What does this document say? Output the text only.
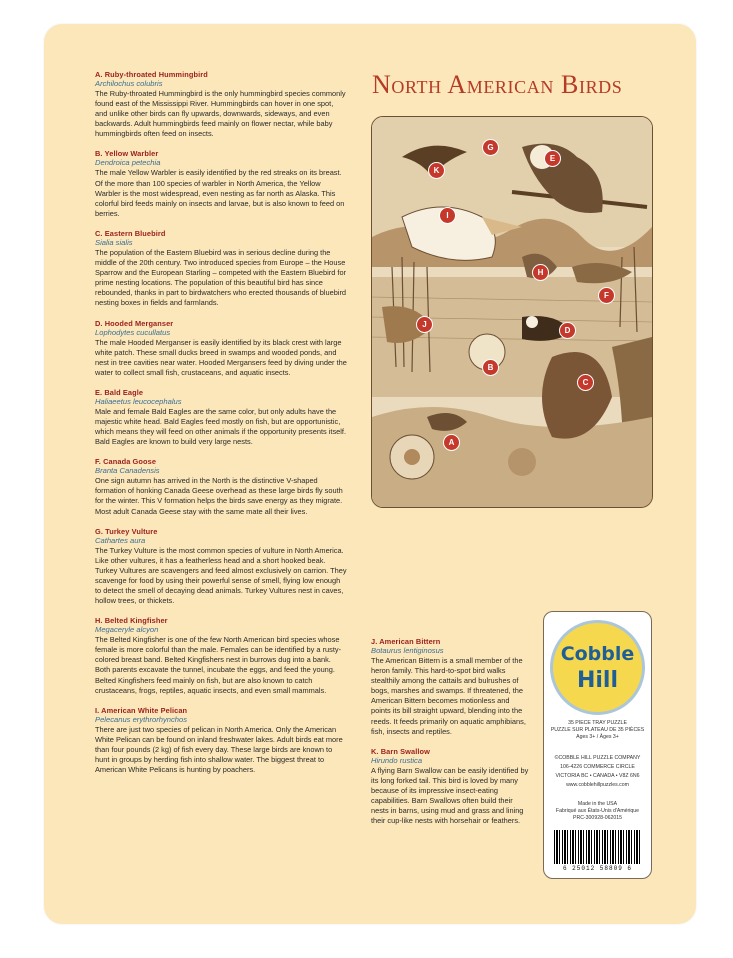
A. Ruby-throated Hummingbird
Archilochus colubris

The Ruby-throated Hummingbird is the only hummingbird species commonly found east of the Mississippi River. Hummingbirds can hover in one spot, and unlike other birds can fly upwards, downwards, sideways, and even backwards. Adult hummingbirds feed mainly on flower nectar, while baby hummingbirds often feed on insects.

B. Yellow Warbler
Dendroica petechia

The male Yellow Warbler is easily identified by the red streaks on its breast. Of the more than 100 species of warbler in North America, the Yellow Warbler is the most widespread, even nesting as far north as Alaska. This colorful bird feeds mainly on insects and larvae, but is also known to feed on berries.

C. Eastern Bluebird
Sialia sialis

The population of the Eastern Bluebird was in serious decline during the middle of the 20th century. Two introduced species from Europe – the House Sparrow and the European Starling – competed with the Eastern Bluebird for prime nesting locations. The population of this beautiful bird has since rebounded, thanks in part to birdwatchers who erected thousands of bluebird nesting boxes in fields and farmlands.

D. Hooded Merganser
Lophodytes cucullatus

The male Hooded Merganser is easily identified by its black crest with large white patch. These small ducks breed in swamps and wooded ponds, and nest in tree cavities near water. Hooded Mergansers feed by diving under the water to collect small fish, crustaceans, and aquatic insects.

E. Bald Eagle
Haliaeetus leucocephalus

Male and female Bald Eagles are the same color, but only adults have the majestic white head. Bald Eagles feed mostly on fish, but are opportunistic, which means they will feed on other animals if the opportunity presents itself. Bald Eagles are known to build very large nests.

F. Canada Goose
Branta Canadensis

One sign autumn has arrived in the North is the distinctive V-shaped formation of honking Canada Geese overhead as these large birds fly south for the winter. This V formation helps the birds save energy as they migrate. Most adult Canada Geese stay with the same mate all their lives.

G. Turkey Vulture
Cathartes aura

The Turkey Vulture is the most common species of vulture in North America. Like other vultures, it has a featherless head and a short hooked beak. Turkey Vultures are scavengers and feed almost exclusively on carrion. They scavenge for food by using their powerful sense of smell, flying low enough to detect the smell of decaying dead animals. Turkey Vultures nest in caves, hollow trees, or thickets.

H. Belted Kingfisher
Megaceryle alcyon

The Belted Kingfisher is one of the few North American bird species whose female is more colorful than the male. Females can be identified by a rusty-colored breast band. Belted Kingfishers nest in burrows dug into a bank. Both parents excavate the tunnel, incubate the eggs, and feed the young. Belted Kingfishers feed mainly on fish, but are also known to catch crustaceans, frogs, reptiles, aquatic insects, and even small mammals.

I. American White Pelican
Pelecanus erythrorhynchos

There are just two species of pelican in North America. Only the American White Pelican can be found on inland freshwater lakes. Adult birds eat more than four pounds (2 kg) of fish every day. These large birds are known to hunt in groups by herding fish into shallow water. The biggest threat to American White Pelicans is hunting by poachers.

J. American Bittern
Botaurus lentiginosus

The American Bittern is a small member of the heron family. This hard-to-spot bird walks stealthily among the cattails and bulrushes of bogs, marshes and swamps. If threatened, the American Bittern becomes motionless and points its bill straight upward, blending into the reeds. It feeds primarily on aquatic amphibians, fish, insects and reptiles.

K. Barn Swallow
Hirundo rustica

A flying Barn Swallow can be easily identified by its long forked tail. This bird is loved by many because of its impressive insect-eating capabilities. Barn Swallows often build their nests in barns, using mud and grass and lining their cup-like nests with horsehair or feathers.

North American Birds
K
G
E
I
H
F
J
D
B
C
A
Cobble
Hill
35 PIECE TRAY PUZZLE
PUZZLE SUR PLATEAU DE 35 PIÈCES
Ages 3+ / Âges 3+
©COBBLE HILL PUZZLE COMPANY
106-4226 COMMERCE CIRCLE
VICTORIA BC • CANADA • V8Z 6N6
www.cobblehillpuzzles.com
Made in the USA
Fabriqué aux États-Unis d'Amérique
PRC-300928-062015
6 25012 58809 6
